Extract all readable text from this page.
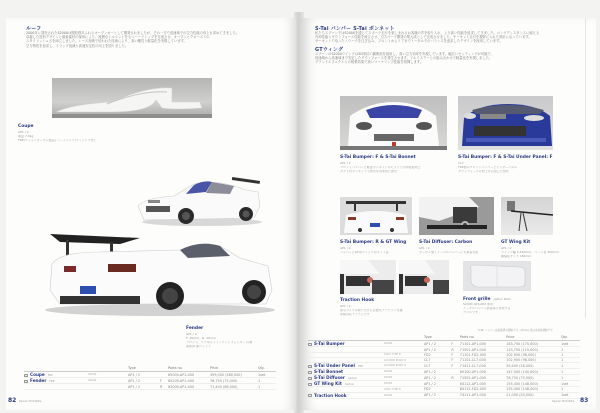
ルーフ
2000年に発売されたS2000は開放感あふれるオープンカーとして開発されましたが、その一方で高速域での空力性能の向上も求めてきました。
卓越した造形デザインと最新素材の採用により、流麗なシルエットをもつハードトップを完成させ、オープンとクローズドの
スタイリッシュさを両立しました。レース参戦で培われた技術により、高い剛性と軽量化を実現しています。
空力特性を追求し、ドラッグ低減と高速安定性の向上を図りました。
Coupe
AP1 / 2
重量 7.6kg
FRP(ウェットカーボン製品) ハードトップ(ウィンドウ付)
Fender
AP1 / 2
F: 20mm、R: 20mm
フロント、リア用セット / ワイドフェンダー 片側
塗装済 要ペイント
		Type		Parts no.	Price	Qty.
Coupe FRP	S2000	AP1 / 2		65000-AP1-000	399,000 (380,000)	1set
Fender FRP	S2000	AP1 / 2	F	60200-AP1-000	78,750 (75,000)	1
		AP1 / 2	R	63000-AP1-000	71,400 (68,000)	1
82 Spoon Exhibits
S-Tai バンパー S-Tai ボンネット
私たちスプーンではS2000を通じてスポーツ走行を楽しまれるお客様の声を取り入れ、より高い性能を追求してきました。ロングディスタンスに耐える
冷却性能とダウンフォース性能を両立させ、空力パーツ開発の集大成として完成させました。サーキット走行を視野に入れた設計になっています。
サーキットで培ったノウハウを注ぎ込み、フロントからリアまでトータルでのバランスを追求したデザインを採用しています。
GTウィング
スプーンのS2000ウイングは3D形状の翼断面を採用し、高い空力効率を実現しています。幅広いセッティングが可能で、
低速域から高速域まで安定したダウンフォースを発生させます。アルミステーとの組み合わせで軽量化を実現しました。
グランドエフェクトとの相乗効果で高いコーナリング性能を発揮します。
S-Tai Bumper: F & S-Tai Bonnet
AP1 / 2
フロントバンパーと軽量ボンネットのセットで冷却性能向上
ダクト付ボンネットで熱気を効率的に排出
S-Tai Bumper: F & S-Tai Under Panel: F
CL7
FRP製のフロントバンパーとアンダーパネル
ダウンフォースの向上を目指した形状
S-Tai Bumper: R & GT Wing
AP1 / 2
バンパーとGT用ウイングのセット品
S-Tai Diffuser: Carbon
AP1 / 2
カーボン製 / ノーマルバンパーにも装着可能
GT Wing Kit
AP1 / 2
ウイング幅 1,610mm、コード長 300mm
翼端板サイズ 180mm
Traction Hook
AP1 / 2
牽引フックの取り付けに必要なブラケット付属
車検対応アイテムです
Front grille Option Parts
S2000 AP1/AP2 専用
ノーマルバンパー装着時に使用する
グリルです
S-Tai バンパーは塗装済み価格です。(Price) 内は未塗装価格です
		Type		Parts no.	Price	Qty.
S-Tai Bumper	S2000	AP1 / 2	F	71101-AP1-000	183,750 (175,000)	1set
		AP1 / 2	R	71501-AP1-000	133,750 (115,000)	1
	CIVIC TYPE R	FD2	F	71101-FD2-000	102,900 (98,000)	1
	ACCORD EURO R	CL7	F	71101-CL7-000	102,900 (98,000)	1
S-Tai Under Panel FRP	ACCORD EURO R	CL7	F	71411-CL7-000	39,400 (28,000)	1
S-Tai Bonnet	S2000	AP1 / 2		60100-AP1-000	147,000 (140,000)	1
S-Tai Diffuser Carbon	S2000	AP1 / 2	R	71502-AP1-000	78,750 (75,000)	1
GT Wing Kit Carbon	S2000	AP1 / 2		84112-AP1-000	155,400 (148,000)	1set
	CIVIC TYPE R	FD2		84112-FD2-000	155,400 (148,000)	1
Traction Hook	S2000	AP1 / 2		74111-AP1-000	21,000 (20,000)	1set
Spoon Exhibits 83
